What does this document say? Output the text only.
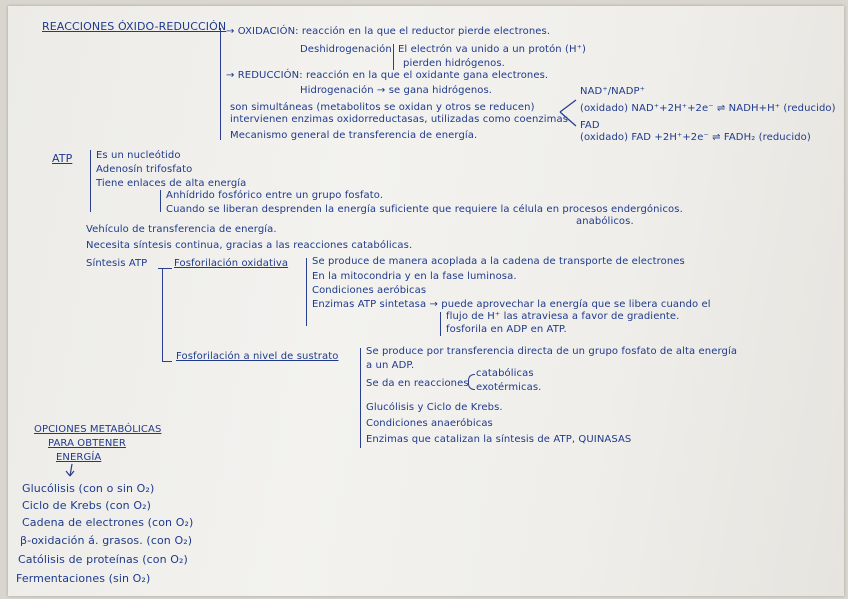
REACCIONES ÓXIDO-REDUCCIÓN → OXIDACIÓN: reacción en la que el reductor pierde electrones.
Deshidrogenación El electrón va unido a un protón (H⁺)
pierden hidrógenos.
→ REDUCCIÓN: reacción en la que el oxidante gana electrones.
Hidrogenación → se gana hidrógenos.
son simultáneas (metabolitos se oxidan y otros se reducen)
intervienen enzimas oxidorreductasas, utilizadas como coenzimas
Mecanismo general de transferencia de energía.
NAD⁺/NADP⁺
(oxidado) NAD⁺+2H⁺+2e⁻ ⇌ NADH+H⁺ (reducido)
FAD
(oxidado) FAD +2H⁺+2e⁻ ⇌ FADH₂ (reducido)
ATP Es un nucleótido
Adenosín trifosfato
Tiene enlaces de alta energía
Anhídrido fosfórico entre un grupo fosfato.
Cuando se liberan desprenden la energía suficiente que requiere la célula en procesos endergónicos.
anabólicos.
Vehículo de transferencia de energía.
Necesita síntesis continua, gracias a las reacciones catabólicas.
Síntesis ATP	Fosforilación oxidativa Se produce de manera acoplada a la cadena de transporte de electrones
En la mitocondria y en la fase luminosa.
Condiciones aeróbicas
Enzimas ATP sintetasa → puede aprovechar la energía que se libera cuando el
flujo de H⁺ las atraviesa a favor de gradiente.
fosforila en ADP en ATP.
Fosforilación a nivel de sustrato	Se produce por transferencia directa de un grupo fosfato de alta energía
a un ADP.
Se da en reacciones
catabólicas
exotérmicas.
Glucólisis y Ciclo de Krebs.
Condiciones anaeróbicas
Enzimas que catalizan la síntesis de ATP, QUINASAS
OPCIONES METABÓLICAS
PARA OBTENER
ENERGÍA
Glucólisis (con o sin O₂)
Ciclo de Krebs (con O₂)
Cadena de electrones (con O₂)
β-oxidación á. grasos. (con O₂)
Católisis de proteínas (con O₂)
Fermentaciones (sin O₂)
